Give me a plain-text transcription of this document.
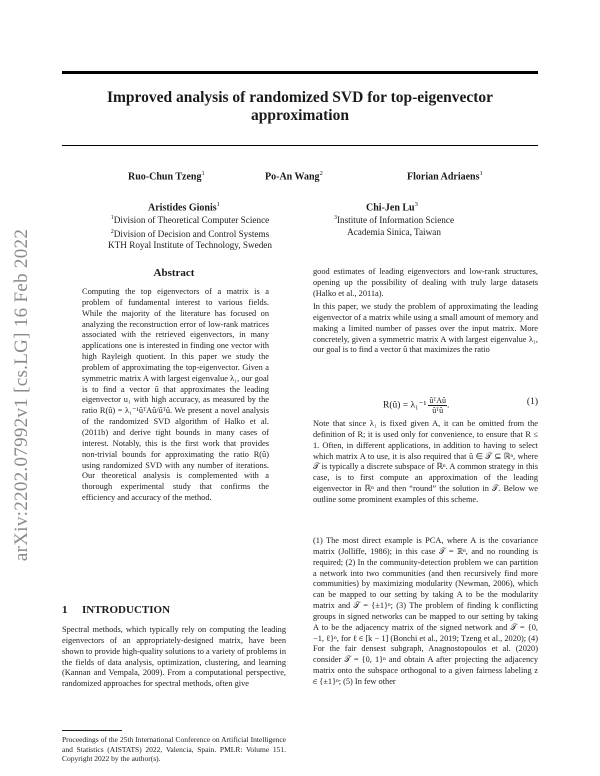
Improved analysis of randomized SVD for top-eigenvector approximation
Ruo-Chun Tzeng$^1$	Po-An Wang$^2$	Florian Adriaens$^1$
Aristides Gionis$^1$	Chi-Jen Lu$^3$
$^1$Division of Theoretical Computer Science
$^2$Division of Decision and Control Systems
KTH Royal Institute of Technology, Sweden
$^3$Institute of Information Science
Academia Sinica, Taiwan
arXiv:2202.07992v1 [cs.LG] 16 Feb 2022	Abstract
Computing the top eigenvectors of a matrix is a problem of fundamental interest to various fields. While the majority of the literature has focused on analyzing the reconstruction error of low-rank matrices associated with the retrieved eigenvectors, in many applications one is interested in finding one vector with high Rayleigh quotient. In this paper we study the problem of approximating the top-eigenvector. Given a symmetric matrix A with largest eigenvalue λ₁, our goal is to find a vector û that approximates the leading eigenvector u₁ with high accuracy, as measured by the ratio R(û) = λ₁⁻¹ûᵀAû/ûᵀû. We present a novel analysis of the randomized SVD algorithm of Halko et al. (2011b) and derive tight bounds in many cases of interest. Notably, this is the first work that provides non-trivial bounds for approximating the ratio R(û) using randomized SVD with any number of iterations. Our theoretical analysis is complemented with a thorough experimental study that confirms the efficiency and accuracy of the method.
1 INTRODUCTION
Spectral methods, which typically rely on computing the leading eigenvectors of an appropriately-designed matrix, have been shown to provide high-quality solutions to a variety of problems in the fields of data analysis, optimization, clustering, and learning (Kannan and Vempala, 2009). From a computational perspective, randomized approaches for spectral methods, often give
good estimates of leading eigenvectors and low-rank structures, opening up the possibility of dealing with truly large datasets (Halko et al., 2011a).
In this paper, we study the problem of approximating the leading eigenvector of a matrix while using a small amount of memory and making a limited number of passes over the input matrix. More concretely, given a symmetric matrix A with largest eigenvalue λ₁, our goal is to find a vector û that maximizes the ratio
R(û) = $\lambda_1^{-1} \frac{\text{ûᵀAû}}{\text{ûᵀû}}$ .	(1)
Note that since λ₁ is fixed given A, it can be omitted from the definition of R; it is used only for convenience, to ensure that R ≤ 1. Often, in different applications, in addition to having to select which matrix A to use, it is also required that û ∈ 𝒯 ⊆ ℝⁿ, where 𝒯 is typically a discrete subspace of ℝⁿ. A common strategy in this case, is to first compute an approximation of the leading eigenvector in ℝⁿ and then “round” the solution in 𝒯. Below we outline some prominent examples of this scheme.
(1) The most direct example is PCA, where A is the covariance matrix (Jolliffe, 1986); in this case 𝒯 = ℝⁿ, and no rounding is required; (2) In the community-detection problem we can partition a network into two communities (and then recursively find more communities) by maximizing modularity (Newman, 2006), which can be mapped to our setting by taking A to be the modularity matrix and 𝒯 = {±1}ⁿ; (3) The problem of finding k conflicting groups in signed networks can be mapped to our setting by taking A to be the adjacency matrix of the signed network and 𝒯 = {0, −1, ℓ}ⁿ, for ℓ ∈ [k − 1] (Bonchi et al., 2019; Tzeng et al., 2020); (4) For the fair densest subgraph, Anagnostopoulos et al. (2020) consider 𝒯 = {0, 1}ⁿ and obtain A after projecting the adjacency matrix onto the subspace orthogonal to a given fairness labeling z ∈ {±1}ⁿ; (5) In few other
Proceedings of the 25th International Conference on Artificial Intelligence and Statistics (AISTATS) 2022, Valencia, Spain. PMLR: Volume 151. Copyright 2022 by the author(s).
